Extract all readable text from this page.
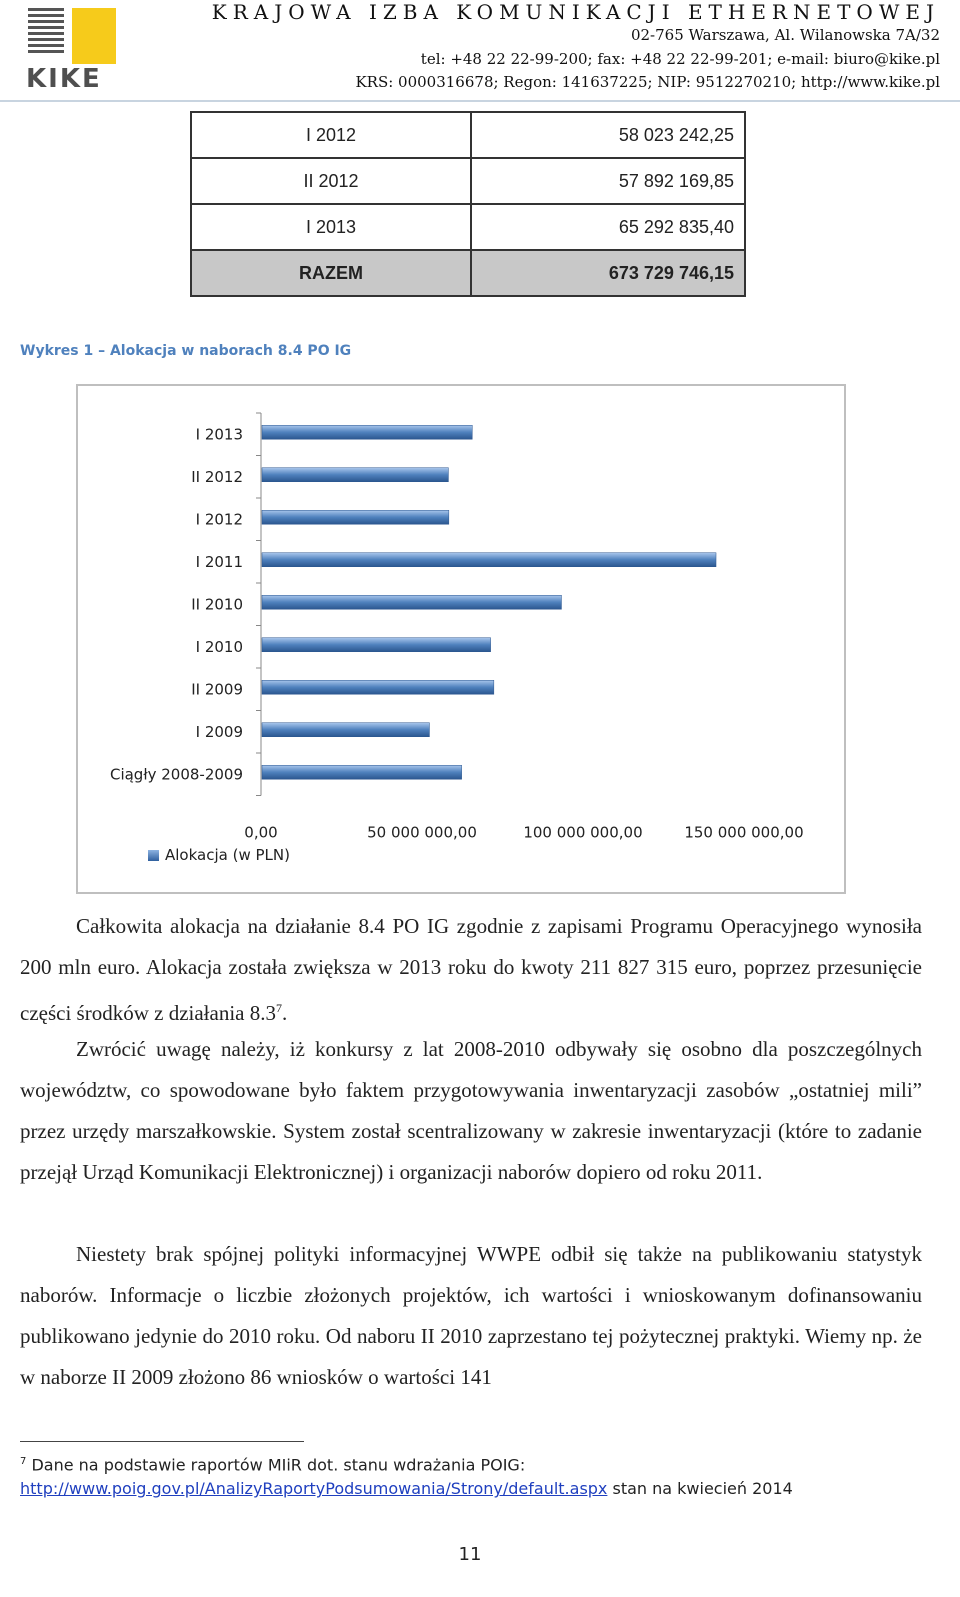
KIKE
KRAJOWA IZBA KOMUNIKACJI ETHERNETOWEJ
02-765 Warszawa, Al. Wilanowska 7A/32
tel: +48 22 22-99-200; fax: +48 22 22-99-201; e-mail: biuro@kike.pl
KRS: 0000316678; Regon: 141637225; NIP: 9512270210; http://www.kike.pl
I 2012	58 023 242,25
II 2012	57 892 169,85
I 2013	65 292 835,40
RAZEM	673 729 746,15
Wykres 1 – Alokacja w naborach 8.4 PO IG
I 2013
II 2012
I 2012
I 2011
II 2010
I 2010
II 2009
I 2009
Ciągły 2008-2009
0,00	50 000 000,00	100 000 000,00	150 000 000,00
Alokacja (w PLN)

Całkowita alokacja na działanie 8.4 PO IG zgodnie z zapisami Programu Operacyjnego wynosiła 200 mln euro. Alokacja została zwiększa w 2013 roku do kwoty 211 827 315 euro, poprzez przesunięcie części środków z działania $8.3^7$.

Zwrócić uwagę należy, iż konkursy z lat 2008-2010 odbywały się osobno dla poszczególnych województw, co spowodowane było faktem przygotowywania inwentaryzacji zasobów „ostatniej mili” przez urzędy marszałkowskie. System został scentralizowany w zakresie inwentaryzacji (które to zadanie przejął Urząd Komunikacji Elektronicznej) i organizacji naborów dopiero od roku 2011.

Niestety brak spójnej polityki informacyjnej WWPE odbił się także na publikowaniu statystyk naborów. Informacje o liczbie złożonych projektów, ich wartości i wnioskowanym dofinansowaniu publikowano jedynie do 2010 roku. Od naboru II 2010 zaprzestano tej pożytecznej praktyki. Wiemy np. że w naborze II 2009 złożono 86 wniosków o wartości 141

$^7$ Dane na podstawie raportów MIiR dot. stanu wdrażania POIG:
http://www.poig.gov.pl/AnalizyRaportyPodsumowania/Strony/default.aspx stan na kwiecień 2014
11
